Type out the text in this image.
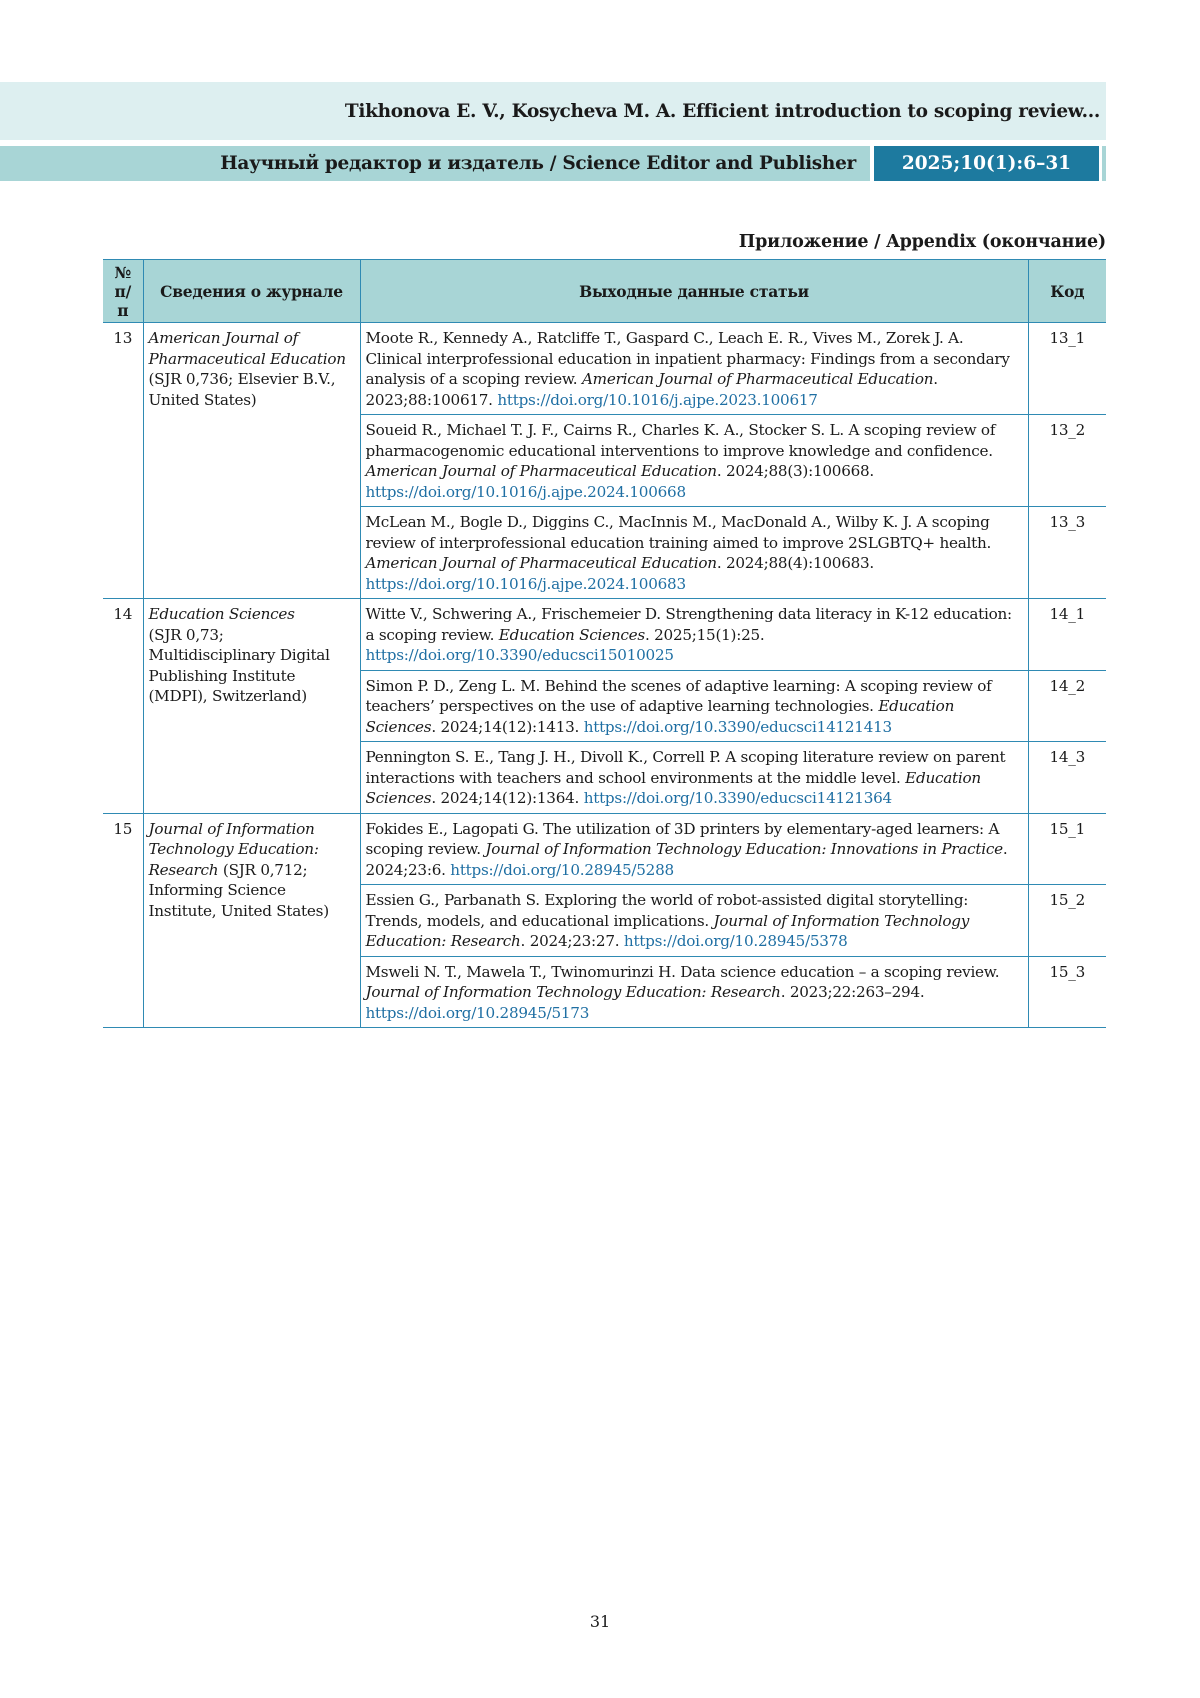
Tikhonova E. V., Kosycheva M. A. Efficient introduction to scoping review...
Научный редактор и издатель / Science Editor and Publisher	2025;10(1):6–31
Приложение / Appendix (окончание)
№ п/п	Сведения о журнале	Выходные данные статьи	Код
13	American Journal of Pharmaceutical Education
(SJR 0,736; Elsevier B.V., United States)	Moote R., Kennedy A., Ratcliffe T., Gaspard C., Leach E. R., Vives M., Zorek J. A. Clinical interprofessional education in inpatient pharmacy: Findings from a secondary analysis of a scoping review. American Journal of Pharmaceutical Education. 2023;88:100617. https://doi.org/10.1016/j.ajpe.2023.100617	13_1
Soueid R., Michael T. J. F., Cairns R., Charles K. A., Stocker S. L. A scoping review of pharmacogenomic educational interventions to improve knowledge and confidence. American Journal of Pharmaceutical Education. 2024;88(3):100668. https://doi.org/10.1016/j.ajpe.2024.100668	13_2
McLean M., Bogle D., Diggins C., MacInnis M., MacDonald A., Wilby K. J. A scoping review of interprofessional education training aimed to improve 2SLGBTQ+ health. American Journal of Pharmaceutical Education. 2024;88(4):100683. https://doi.org/10.1016/j.ajpe.2024.100683	13_3
14	Education Sciences
(SJR 0,73; Multidisciplinary Digital Publishing Institute (MDPI), Switzerland)	Witte V., Schwering A., Frischemeier D. Strengthening data literacy in K-12 education: a scoping review. Education Sciences. 2025;15(1):25. https://doi.org/10.3390/educsci15010025	14_1
Simon P. D., Zeng L. M. Behind the scenes of adaptive learning: A scoping review of teachers’ perspectives on the use of adaptive learning technologies. Education Sciences. 2024;14(12):1413. https://doi.org/10.3390/educsci14121413	14_2
Pennington S. E., Tang J. H., Divoll K., Correll P. A scoping literature review on parent interactions with teachers and school environments at the middle level. Education Sciences. 2024;14(12):1364. https://doi.org/10.3390/educsci14121364	14_3
15	Journal of Information Technology Education: Research (SJR 0,712; Informing Science Institute, United States)	Fokides E., Lagopati G. The utilization of 3D printers by elementary-aged learners: A scoping review. Journal of Information Technology Education: Innovations in Practice. 2024;23:6. https://doi.org/10.28945/5288	15_1
Essien G., Parbanath S. Exploring the world of robot-assisted digital storytelling: Trends, models, and educational implications. Journal of Information Technology Education: Research. 2024;23:27. https://doi.org/10.28945/5378	15_2
Msweli N. T., Mawela T., Twinomurinzi H. Data science education – a scoping review. Journal of Information Technology Education: Research. 2023;22:263–294. https://doi.org/10.28945/5173	15_3
31
